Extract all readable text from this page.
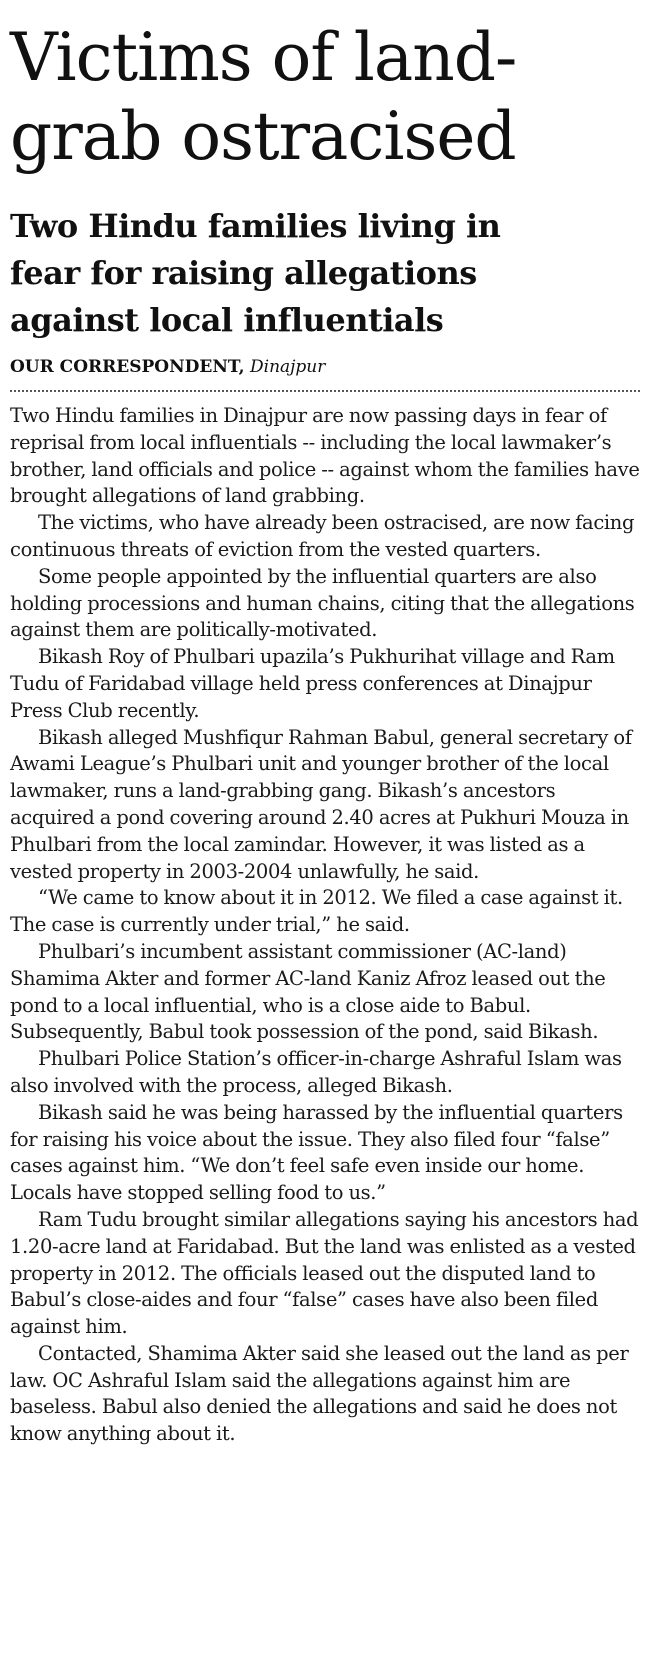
Victims of land-
grab ostracised
Two Hindu families living in
fear for raising allegations
against local influentials
OUR CORRESPONDENT, Dinajpur

Two Hindu families in Dinajpur are now passing days in fear of reprisal from local influentials -- including the local lawmaker’s brother, land officials and police -- against whom the families have brought allegations of land grabbing.

The victims, who have already been ostracised, are now facing continuous threats of eviction from the vested quarters.

Some people appointed by the influential quarters are also holding processions and human chains, citing that the allegations against them are politically-motivated.

Bikash Roy of Phulbari upazila’s Pukhurihat village and Ram Tudu of Faridabad village held press conferences at Dinajpur Press Club recently.

Bikash alleged Mushfiqur Rahman Babul, general secretary of Awami League’s Phulbari unit and younger brother of the local lawmaker, runs a land-grabbing gang. Bikash’s ancestors acquired a pond covering around 2.40 acres at Pukhuri Mouza in Phulbari from the local zamindar. However, it was listed as a vested property in 2003-2004 unlawfully, he said.

“We came to know about it in 2012. We filed a case against it. The case is currently under trial,” he said.

Phulbari’s incumbent assistant commissioner (AC-land) Shamima Akter and former AC-land Kaniz Afroz leased out the pond to a local influential, who is a close aide to Babul. Subsequently, Babul took possession of the pond, said Bikash.

Phulbari Police Station’s officer-in-charge Ashraful Islam was also involved with the process, alleged Bikash.

Bikash said he was being harassed by the influential quarters for raising his voice about the issue. They also filed four “false” cases against him. “We don’t feel safe even inside our home. Locals have stopped selling food to us.”

Ram Tudu brought similar allegations saying his ancestors had 1.20-acre land at Faridabad. But the land was enlisted as a vested property in 2012. The officials leased out the disputed land to Babul’s close-aides and four “false” cases have also been filed against him.

Contacted, Shamima Akter said she leased out the land as per law. OC Ashraful Islam said the allegations against him are baseless. Babul also denied the allegations and said he does not know anything about it.
